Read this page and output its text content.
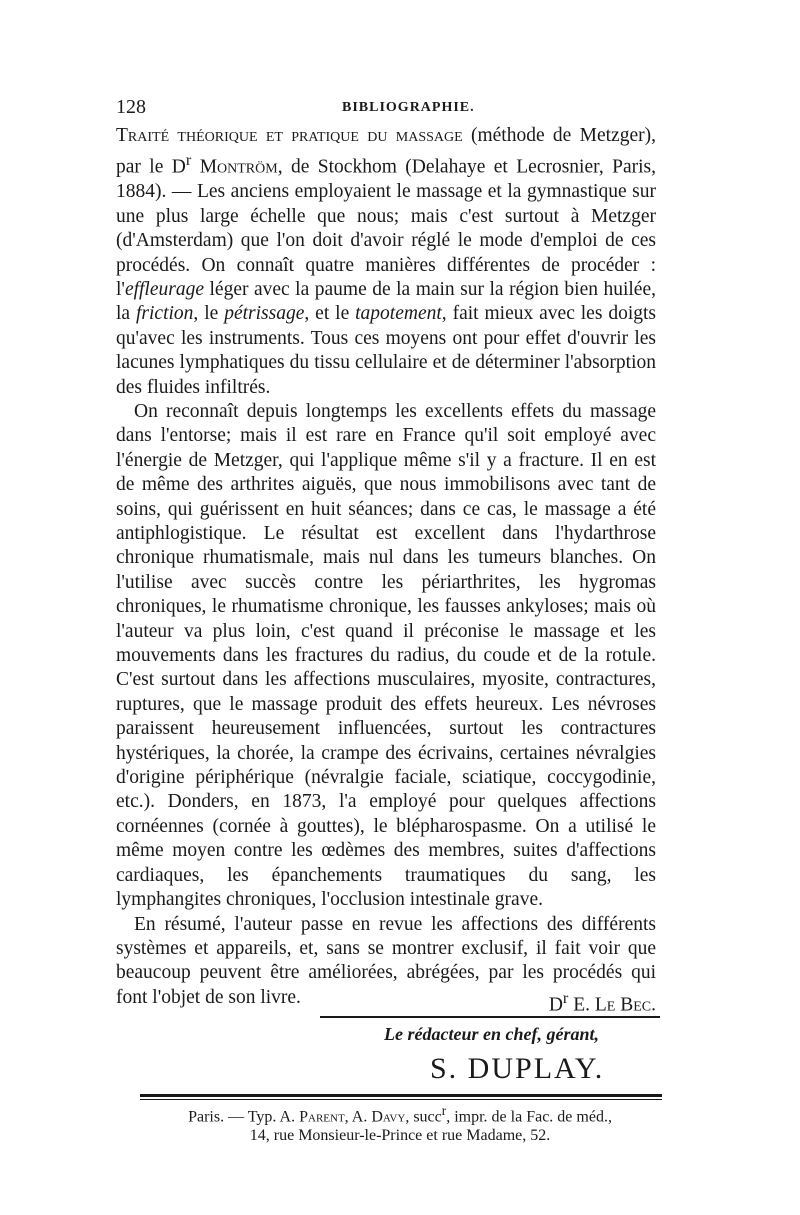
128	BIBLIOGRAPHIE.

Traité théorique et pratique du massage (méthode de Metzger), par le $D^r$ Montröm, de Stockhom (Delahaye et Lecrosnier, Paris, 1884). — Les anciens employaient le massage et la gymnastique sur une plus large échelle que nous; mais c'est surtout à Metzger (d'Amsterdam) que l'on doit d'avoir réglé le mode d'emploi de ces procédés. On connaît quatre manières différentes de procéder : l'effleurage léger avec la paume de la main sur la région bien huilée, la friction, le pétrissage, et le tapotement, fait mieux avec les doigts qu'avec les instruments. Tous ces moyens ont pour effet d'ouvrir les lacunes lymphatiques du tissu cellulaire et de déterminer l'absorption des fluides infiltrés.

On reconnaît depuis longtemps les excellents effets du massage dans l'entorse; mais il est rare en France qu'il soit employé avec l'énergie de Metzger, qui l'applique même s'il y a fracture. Il en est de même des arthrites aiguës, que nous immobilisons avec tant de soins, qui guérissent en huit séances; dans ce cas, le massage a été antiphlogistique. Le résultat est excellent dans l'hydarthrose chronique rhumatismale, mais nul dans les tumeurs blanches. On l'utilise avec succès contre les périarthrites, les hygromas chroniques, le rhumatisme chronique, les fausses ankyloses; mais où l'auteur va plus loin, c'est quand il préconise le massage et les mouvements dans les fractures du radius, du coude et de la rotule. C'est surtout dans les affections musculaires, myosite, contractures, ruptures, que le massage produit des effets heureux. Les névroses paraissent heureusement influencées, surtout les contractures hystériques, la chorée, la crampe des écrivains, certaines névralgies d'origine périphérique (névralgie faciale, sciatique, coccygodinie, etc.). Donders, en 1873, l'a employé pour quelques affections cornéennes (cornée à gouttes), le blépharospasme. On a utilisé le même moyen contre les œdèmes des membres, suites d'affections cardiaques, les épanchements traumatiques du sang, les lymphangites chroniques, l'occlusion intestinale grave.

En résumé, l'auteur passe en revue les affections des différents systèmes et appareils, et, sans se montrer exclusif, il fait voir que beaucoup peuvent être améliorées, abrégées, par les procédés qui font l'objet de son livre.	$D^r$ E. Le Bec.

Le rédacteur en chef, gérant,
S. DUPLAY.
Paris. — Typ. A. Parent, A. Davy, succ$^r$, impr. de la Fac. de méd.,
14, rue Monsieur-le-Prince et rue Madame, 52.
